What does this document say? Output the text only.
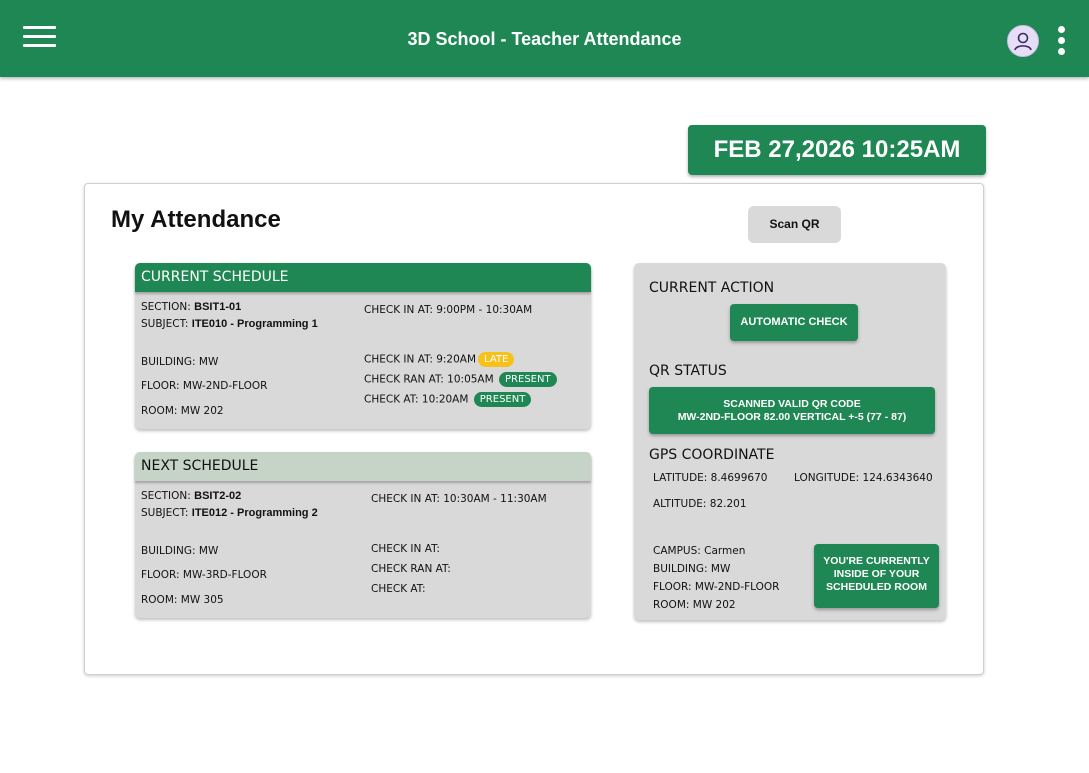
3D School - Teacher Attendance
FEB 27,2026 10:25AM
My Attendance	Scan QR
CURRENT SCHEDULE
SECTION: BSIT1-01
SUBJECT: ITE010 - Programming 1
BUILDING: MW
FLOOR: MW-2ND-FLOOR
ROOM: MW 202
CHECK IN AT: 9:00PM - 10:30AM
CHECK IN AT: 9:20AM LATE
CHECK RAN AT: 10:05AM PRESENT
CHECK AT: 10:20AM PRESENT
NEXT SCHEDULE
SECTION: BSIT2-02
SUBJECT: ITE012 - Programming 2
BUILDING: MW
FLOOR: MW-3RD-FLOOR
ROOM: MW 305
CHECK IN AT: 10:30AM - 11:30AM
CHECK IN AT:
CHECK RAN AT:
CHECK AT:
CURRENT ACTION
AUTOMATIC CHECK
QR STATUS
SCANNED VALID QR CODE
MW-2ND-FLOOR 82.00 VERTICAL +-5 (77 - 87)
GPS COORDINATE
LATITUDE: 8.4699670	LONGITUDE: 124.6343640
ALTITUDE: 82.201
CAMPUS: Carmen
BUILDING: MW
FLOOR: MW-2ND-FLOOR
ROOM: MW 202
YOU'RE CURRENTLY
INSIDE OF YOUR
SCHEDULED ROOM
